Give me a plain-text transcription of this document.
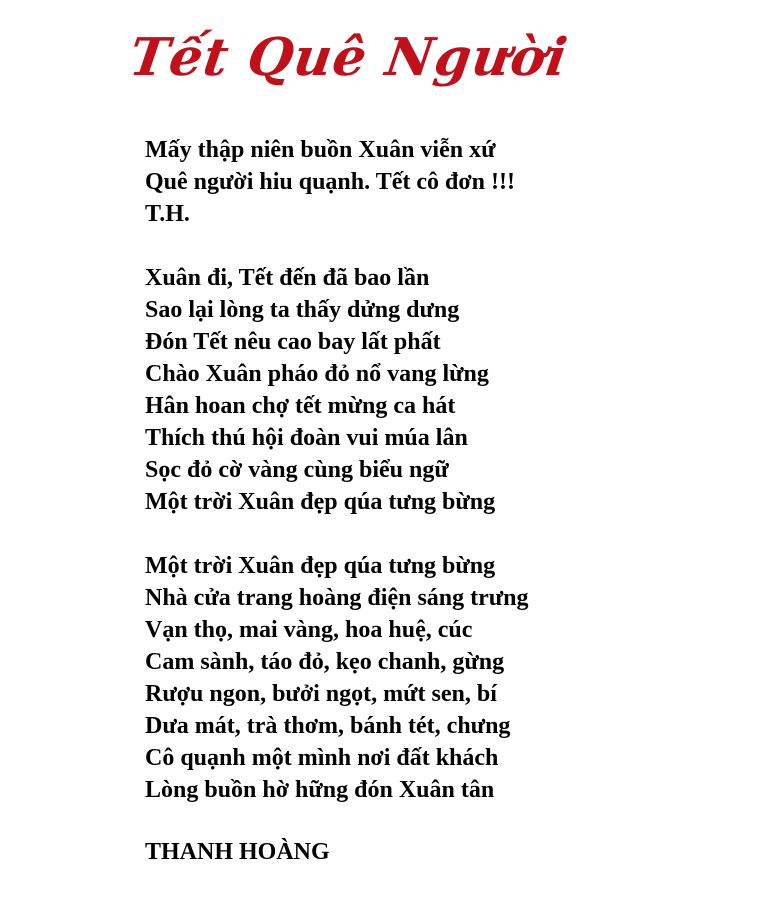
Tết Quê Người
Mấy thập niên buồn Xuân viễn xứ
Quê người hiu quạnh. Tết cô đơn !!!
T.H.
Xuân đi, Tết đến đã bao lần
Sao lại lòng ta thấy dửng dưng
Đón Tết nêu cao bay lất phất
Chào Xuân pháo đỏ nổ vang lừng
Hân hoan chợ tết mừng ca hát
Thích thú hội đoàn vui múa lân
Sọc đỏ cờ vàng cùng biểu ngữ
Một trời Xuân đẹp qúa tưng bừng
Một trời Xuân đẹp qúa tưng bừng
Nhà cửa trang hoàng điện sáng trưng
Vạn thọ, mai vàng, hoa huệ, cúc
Cam sành, táo đỏ, kẹo chanh, gừng
Rượu ngon, bưởi ngọt, mứt sen, bí
Dưa mát, trà thơm, bánh tét, chưng
Cô quạnh một mình nơi đất khách
Lòng buồn hờ hững đón Xuân tân
THANH HOÀNG
